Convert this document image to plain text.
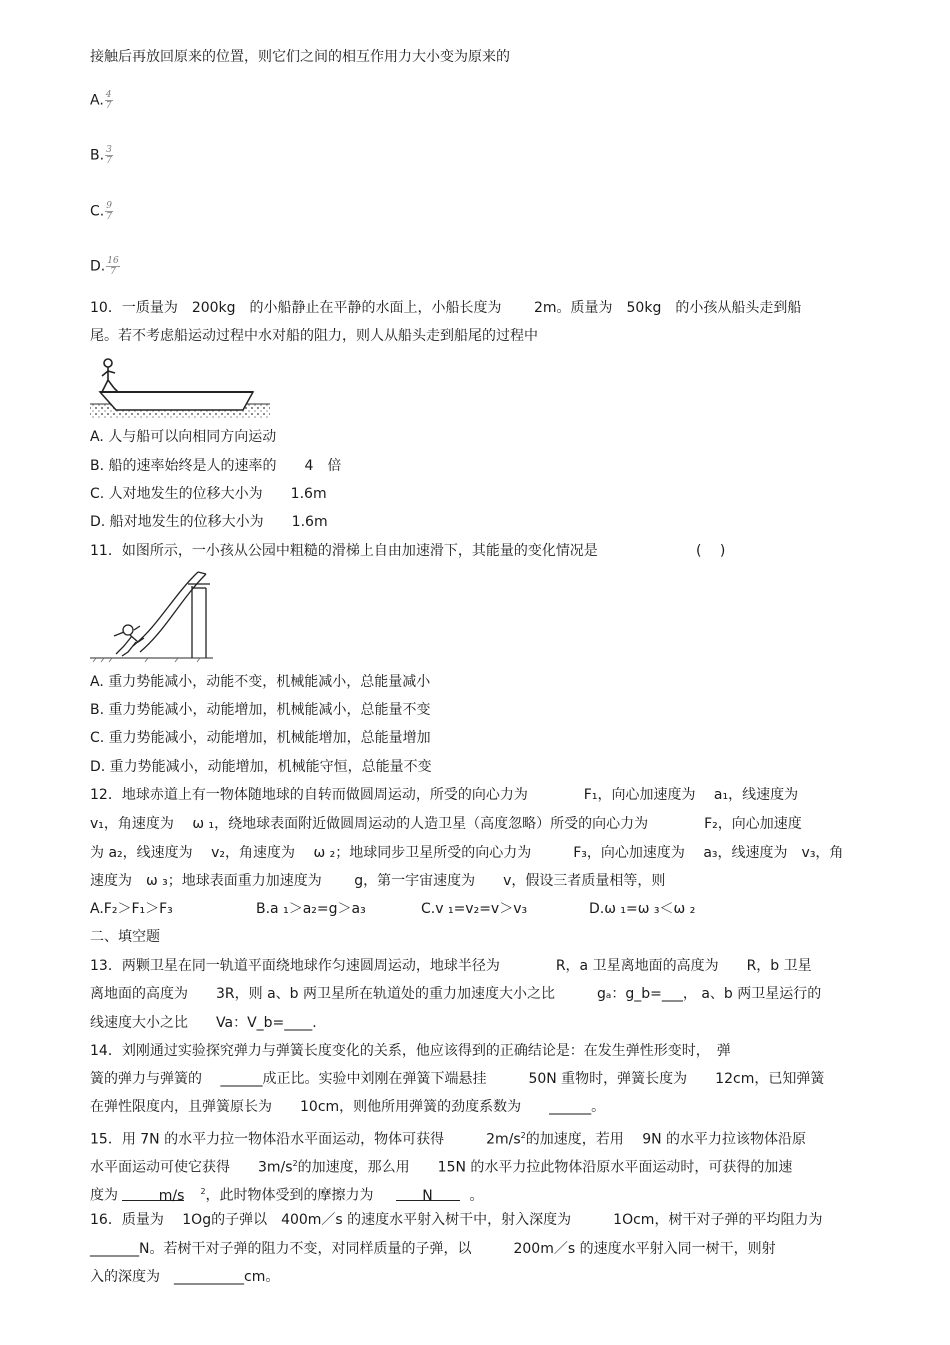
接触后再放回原来的位置，则它们之间的相互作用力大小变为原来的
A. $\frac{4}{7}$
B. $\frac{3}{7}$
C. $\frac{9}{7}$
D. $\frac{16}{7}$
10．一质量为　200kg　的小船静止在平静的水面上，小船长度为　　 2m。质量为　50kg　的小孩从船头走到船
尾。若不考虑船运动过程中水对船的阻力，则人从船头走到船尾的过程中
A. 人与船可以向相同方向运动
B. 船的速率始终是人的速率的　　4　倍
C. 人对地发生的位移大小为　　1.6m
D. 船对地发生的位移大小为　　1.6m
11．如图所示，一小孩从公园中粗糙的滑梯上自由加速滑下，其能量的变化情况是	(　 )
A. 重力势能减小，动能不变，机械能减小，总能量减小
B. 重力势能减小，动能增加，机械能减小，总能量不变
C. 重力势能减小，动能增加，机械能增加，总能量增加
D. 重力势能减小，动能增加，机械能守恒，总能量不变
12．地球赤道上有一物体随地球的自转而做圆周运动，所受的向心力为　　　　F₁，向心加速度为　 a₁，线速度为
v₁，角速度为　 ω ₁，绕地球表面附近做圆周运动的人造卫星（高度忽略）所受的向心力为　　　　F₂，向心加速度
为 a₂，线速度为　 v₂，角速度为　 ω ₂；地球同步卫星所受的向心力为　　　F₃，向心加速度为　 a₃，线速度为　v₃，角
速度为　ω ₃；地球表面重力加速度为　　 g，第一宇宙速度为　　v，假设三者质量相等，则
A.F₂＞F₁＞F₃	B.a ₁＞a₂=g＞a₃	C.v ₁=v₂=v＞v₃	D.ω ₁=ω ₃＜ω ₂
二、填空题
13．两颗卫星在同一轨道平面绕地球作匀速圆周运动，地球半径为　　　　R，a 卫星离地面的高度为　　R，b 卫星
离地面的高度为　　3R，则 a、b 两卫星所在轨道处的重力加速度大小之比　　　gₐ：g_b=___， a、b 两卫星运行的
线速度大小之比　　Va：V_b=____.
14．刘刚通过实验探究弹力与弹簧长度变化的关系，他应该得到的正确结论是：在发生弹性形变时，　弹
簧的弹力与弹簧的　 ______成正比。实验中刘刚在弹簧下端悬挂　　　50N 重物时，弹簧长度为　　12cm，已知弹簧
在弹性限度内，且弹簧原长为　　10cm，则他所用弹簧的劲度系数为　　______。
15．用 7N 的水平力拉一物体沿水平面运动，物体可获得　　　$2m/s^2$的加速度，若用　 9N 的水平力拉该物体沿原
水平面运动可使它获得　　$3m/s^2$的加速度，那么用　　15N 的水平力拉此物体沿原水平面运动时，可获得的加速
度为	m/s $^2$，此时物体受到的摩擦力为	N	。
16．质量为　 1Og的子弹以　400m／s 的速度水平射入树干中，射入深度为　　　1Ocm，树干对子弹的平均阻力为
_______N。若树干对子弹的阻力不变，对同样质量的子弹，以　　　200m／s 的速度水平射入同一树干，则射
入的深度为　__________cm。
